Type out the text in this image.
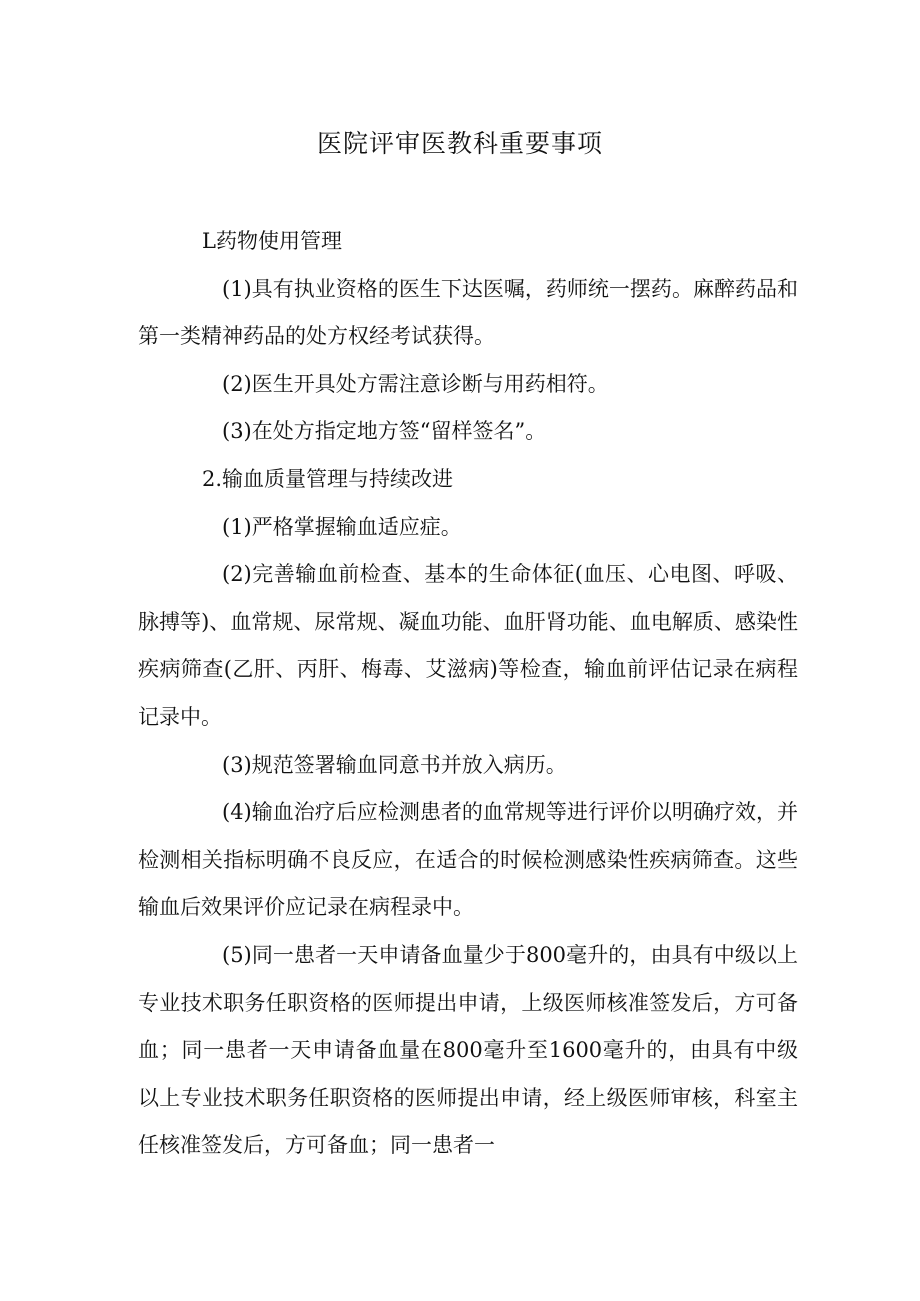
医院评审医教科重要事项

L药物使用管理

(1)具有执业资格的医生下达医嘱，药师统一摆药。麻醉药品和第一类精神药品的处方权经考试获得。

(2)医生开具处方需注意诊断与用药相符。

(3)在处方指定地方签“留样签名”。

2.输血质量管理与持续改进

(1)严格掌握输血适应症。

(2)完善输血前检查、基本的生命体征(血压、心电图、呼吸、脉搏等)、血常规、尿常规、凝血功能、血肝肾功能、血电解质、感染性疾病筛查(乙肝、丙肝、梅毒、艾滋病)等检查，输血前评估记录在病程记录中。

(3)规范签署输血同意书并放入病历。

(4)输血治疗后应检测患者的血常规等进行评价以明确疗效，并检测相关指标明确不良反应，在适合的时候检测感染性疾病筛查。这些输血后效果评价应记录在病程录中。

(5)同一患者一天申请备血量少于800毫升的，由具有中级以上专业技术职务任职资格的医师提出申请，上级医师核准签发后，方可备血；同一患者一天申请备血量在800毫升至1600毫升的，由具有中级以上专业技术职务任职资格的医师提出申请，经上级医师审核，科室主任核准签发后，方可备血；同一患者一
